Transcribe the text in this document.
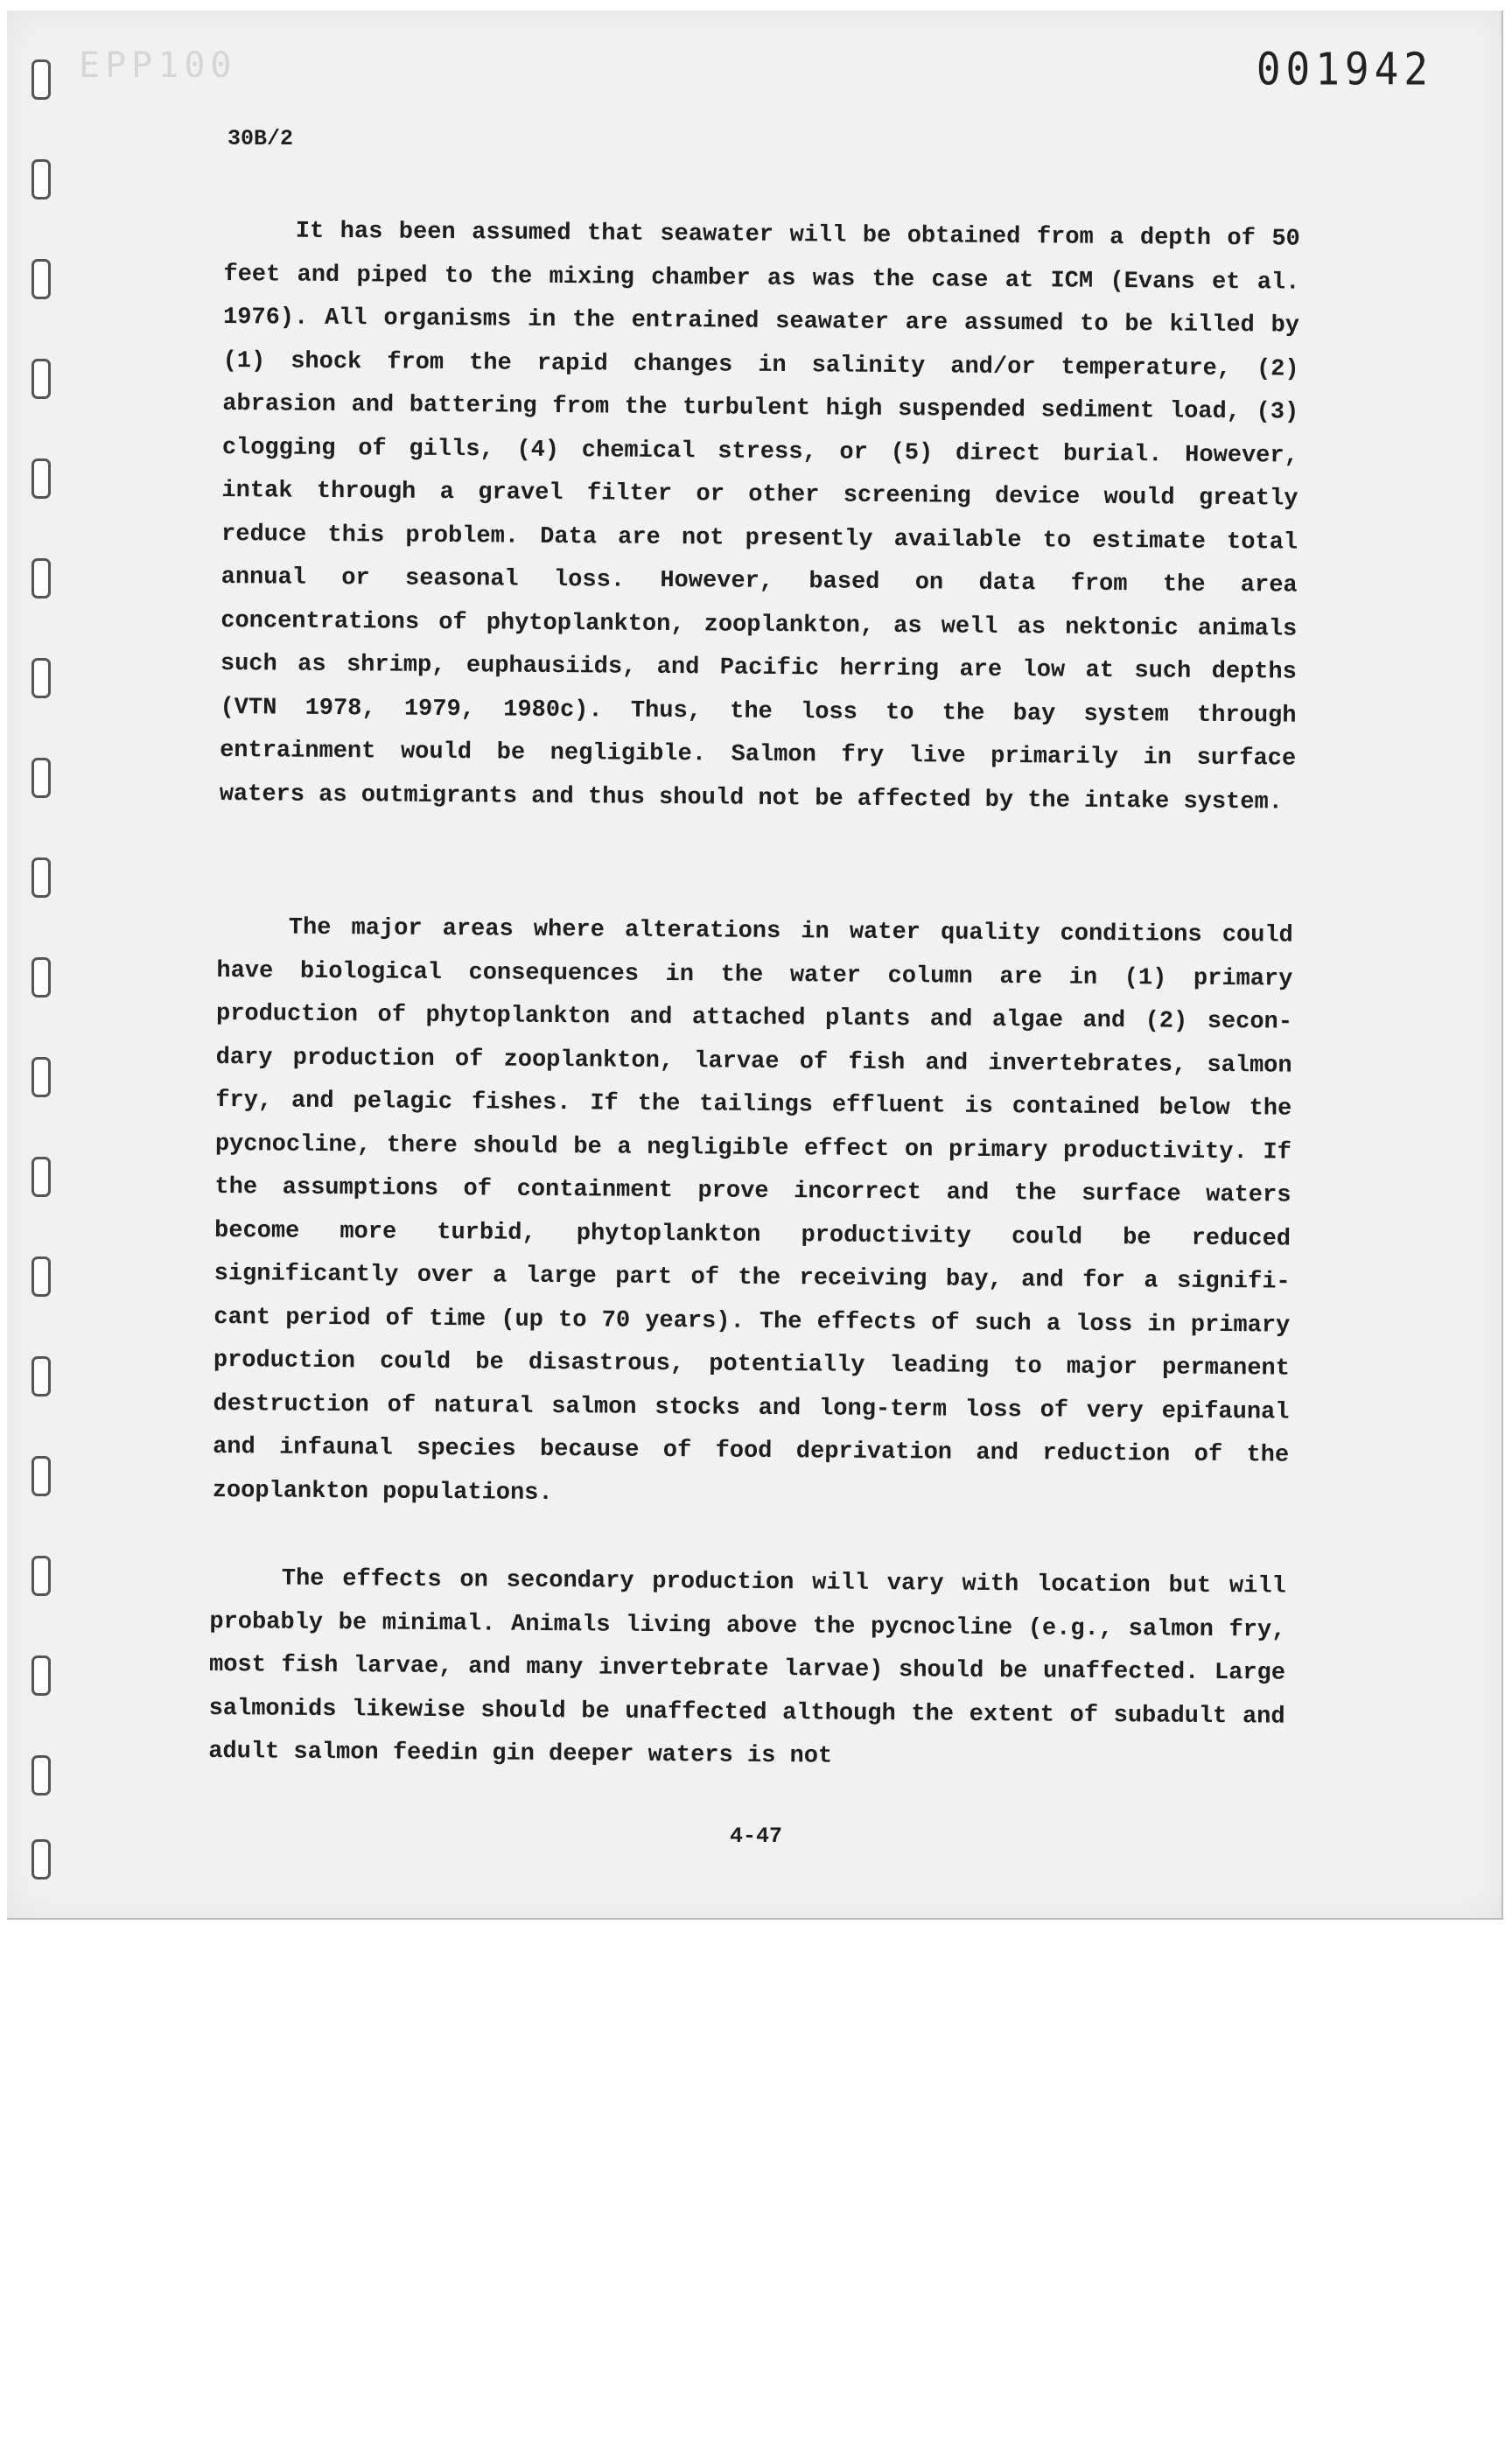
EPP100	001942
30B/2

It has been assumed that seawater will be obtained from a depth of 50 feet and piped to the mixing chamber as was the case at ICM (Evans et al. 1976). All organisms in the entrained seawater are assumed to be killed by (1) shock from the rapid changes in salinity and/or temperature, (2) abrasion and battering from the turbulent high suspended sediment load, (3) clogging of gills, (4) chemical stress, or (5) direct burial. However, intak through a gravel filter or other screening device would greatly reduce this problem. Data are not presently available to estimate total annual or seasonal loss. However, based on data from the area concentrations of phytoplankton, zooplankton, as well as nektonic animals such as shrimp, euphausiids, and Pacific herring are low at such depths (VTN 1978, 1979, 1980c). Thus, the loss to the bay system through entrainment would be negligible. Salmon fry live primarily in surface waters as outmigrants and thus should not be affected by the intake system.

The major areas where alterations in water quality conditions could have biological consequences in the water column are in (1) primary production of phytoplankton and attached plants and algae and (2) secon-dary production of zooplankton, larvae of fish and invertebrates, salmon fry, and pelagic fishes. If the tailings effluent is contained below the pycnocline, there should be a negligible effect on primary productivity. If the assumptions of containment prove incorrect and the surface waters become more turbid, phytoplankton productivity could be reduced significantly over a large part of the receiving bay, and for a signifi-cant period of time (up to 70 years). The effects of such a loss in primary production could be disastrous, potentially leading to major permanent destruction of natural salmon stocks and long-term loss of very epifaunal and infaunal species because of food deprivation and reduction of the zooplankton populations.

The effects on secondary production will vary with location but will probably be minimal. Animals living above the pycnocline (e.g., salmon fry, most fish larvae, and many invertebrate larvae) should be unaffected. Large salmonids likewise should be unaffected although the extent of subadult and adult salmon feedin gin deeper waters is not

4-47
